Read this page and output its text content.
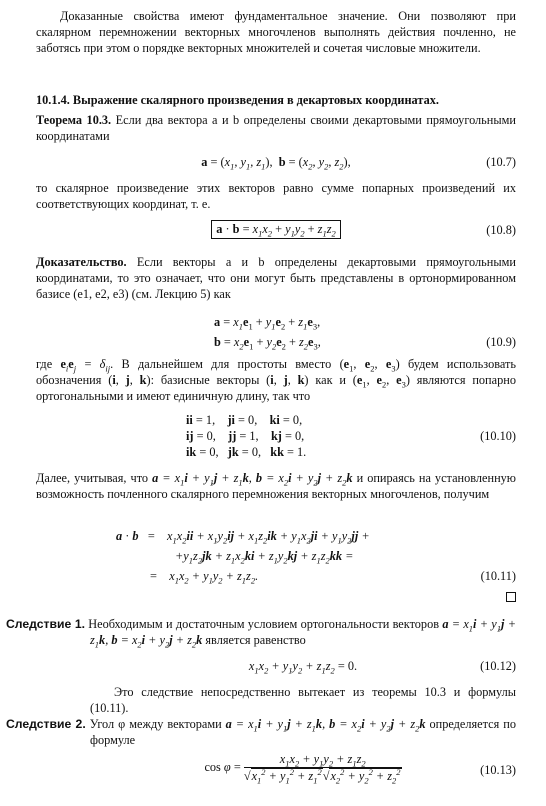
Доказанные свойства имеют фундаментальное значение. Они позволяют при скалярном перемножении векторных многочленов выполнять действия почленно, не заботясь при этом о порядке векторных множителей и сочетая числовые множители.

10.1.4. Выражение скалярного произведения в декартовых координатах.

Теорема 10.3. Если два вектора a и b определены своими декартовыми прямоугольными координатами

$a = (x_1$, $y_1$, $z_1$), $b = (x_2$, $y_2$, $z_2$),	(10.7)

то скалярное произведение этих векторов равно сумме попарных произведений их соответствующих координат, т. е.

$a \cdot b = x_1x_2 + y_1y_2 + z_1z_2$	(10.8)

Доказательство. Если векторы a и b определены декартовыми прямоугольными координатами, то это означает, что они могут быть представлены в ортонормированном базисе (e1, e2, e3) (см. Лекцию 5) как

$a = x_1e_1 + y_1e_2 + z_1e_3$,
$b = x_2e_1 + y_2e_2 + z_2e_3$,	(10.9)

где $e_ie_j = \delta_{ij}$. В дальнейшем для простоты вместо ($e_1$, $e_2$, $e_3$) будем использовать обозначения (i, j, k): базисные векторы (i, j, k) как и ($e_1$, $e_2$, $e_3$) являются попарно ортогональными и имеют единичную длину, так что

ii = 1,    ji = 0,    ki = 0,
ij = 0,    jj = 1,    kj = 0,	(10.10)
ik = 0,   jk = 0,   kk = 1.

Далее, учитывая, что $a = x_1i + y_1j + z_1k$, $b = x_2i + y_2j + z_2k$ и опираясь на установленную возможность почленного скалярного перемножения векторных многочленов, получим

a · b =    $x_1x_2ii + x_1y_2ij + x_1z_2ik + y_1x_2ji + y_1y_2jj$ +
$+y_1z_2jk + z_1x_2ki + z_1y_2kj + z_1z_2kk$ =
=    $x_1x_2 + y_1y_2 + z_1z_2$.	(10.11)

Следствие 1. Необходимым и достаточным условием ортогональности векторов $a = x_1i + y_1j + z_1k$, $b = x_2i + y_2j + z_2k$ является равенство

$x_1x_2 + y_1y_2 + z_1z_2 = 0$.	(10.12)

Это следствие непосредственно вытекает из теоремы 10.3 и формулы (10.11).

Следствие 2. Угол φ между векторами $a = x_1i + y_1j + z_1k$, $b = x_2i + y_2j + z_2k$ определяется по формуле

$\cos \varphi = \frac{x_1x_2 + y_1y_2 + z_1z_2}{√x_1^2 + y_1^2 + z_1^2√x_2^2 + y_2^2 + z_2^2}$	(10.13)
